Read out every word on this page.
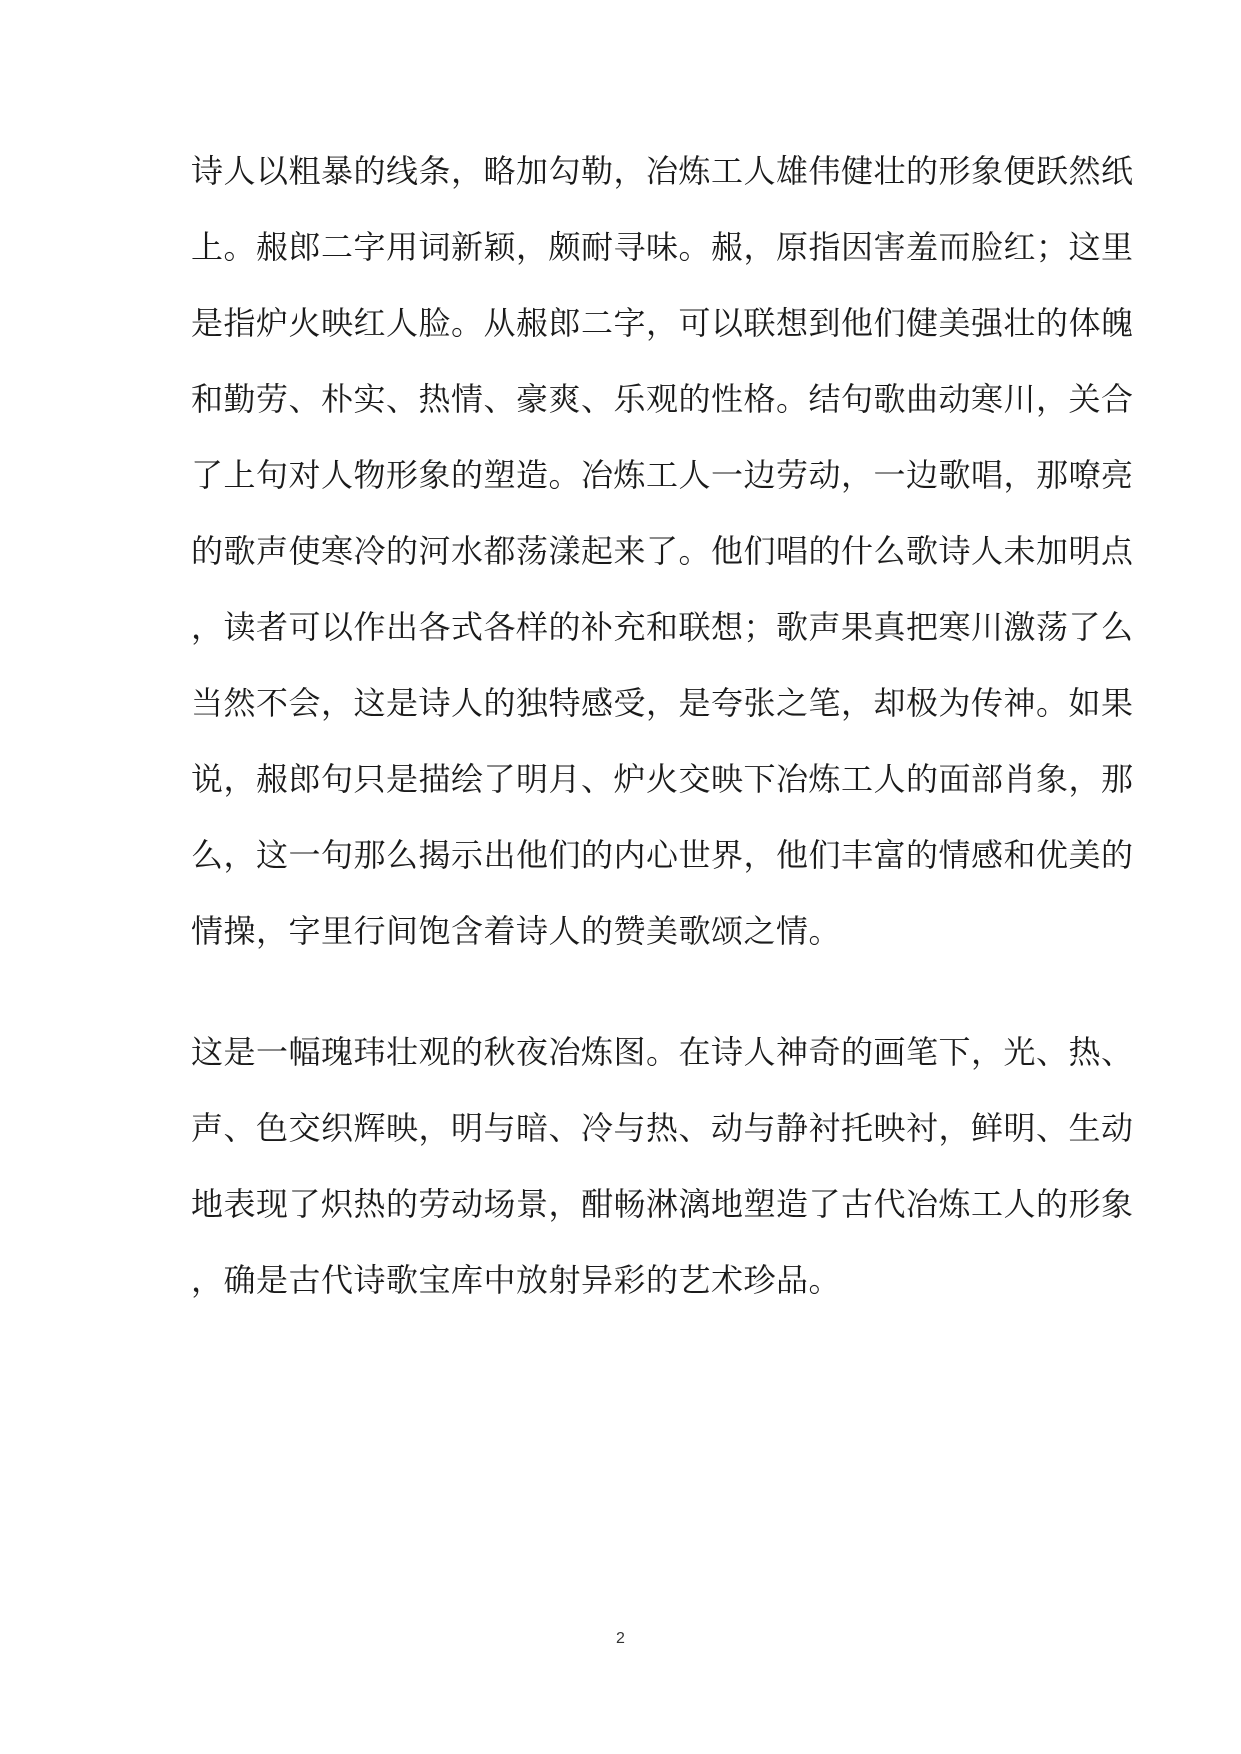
诗人以粗暴的线条，略加勾勒，冶炼工人雄伟健壮的形象便跃然纸
上。赧郎二字用词新颖，颇耐寻味。赧，原指因害羞而脸红；这里
是指炉火映红人脸。从赧郎二字，可以联想到他们健美强壮的体魄
和勤劳、朴实、热情、豪爽、乐观的性格。结句歌曲动寒川，关合
了上句对人物形象的塑造。冶炼工人一边劳动，一边歌唱，那嘹亮
的歌声使寒冷的河水都荡漾起来了。他们唱的什么歌诗人未加明点
，读者可以作出各式各样的补充和联想；歌声果真把寒川激荡了么
当然不会，这是诗人的独特感受，是夸张之笔，却极为传神。如果
说，赧郎句只是描绘了明月、炉火交映下冶炼工人的面部肖象，那
么，这一句那么揭示出他们的内心世界，他们丰富的情感和优美的
情操，字里行间饱含着诗人的赞美歌颂之情。
这是一幅瑰玮壮观的秋夜冶炼图。在诗人神奇的画笔下，光、热、
声、色交织辉映，明与暗、冷与热、动与静衬托映衬，鲜明、生动
地表现了炽热的劳动场景，酣畅淋漓地塑造了古代冶炼工人的形象
，确是古代诗歌宝库中放射异彩的艺术珍品。
2
